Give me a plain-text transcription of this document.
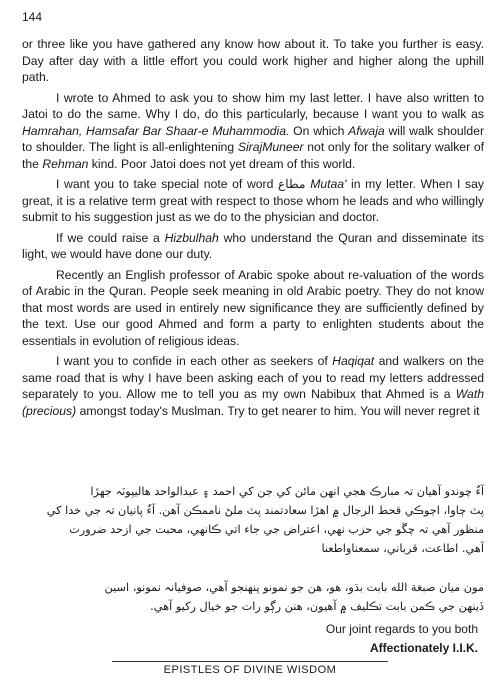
144

or three like you have gathered any know how about it. To take you further is easy. Day after day with a little effort you could work higher and higher along the uphill path.

I wrote to Ahmed to ask you to show him my last letter. I have also written to Jatoi to do the same. Why I do, do this particularly, because I want you to walk as Hamrahan, Hamsafar Bar Shaar-e Muhammodia. On which Afwaja will walk shoulder to shoulder. The light is all-enlightening SirajMuneer not only for the solitary walker of the Rehman kind. Poor Jatoi does not yet dream of this world.

I want you to take special note of word مطاع Mutaa' in my letter. When I say great, it is a relative term great with respect to those whom he leads and who willingly submit to his suggestion just as we do to the physician and doctor.

If we could raise a Hizbulhah who understand the Quran and disseminate its light, we would have done our duty.

Recently an English professor of Arabic spoke about re-valuation of the words of Arabic in the Quran. People seek meaning in old Arabic poetry. They do not know that most words are used in entirely new significance they are sufficiently defined by the text. Use our good Ahmed and form a party to enlighten students about the essentials in evolution of religious ideas.

I want you to confide in each other as seekers of Haqiqat and walkers on the same road that is why I have been asking each of you to read my letters addressed separately to you. Allow me to tell you as my own Nabibux that Ahmed is a Wath (precious) amongst today's Muslman. Try to get nearer to him. You will never regret it

آءٌ چوندو آهيان تہ مبارڪ هجي انهن مائن کي جن کي احمد ۽ عبدالواحد هاليپوٽہ جهڙا

پٽ ڄاوا، اڄوڪي قحط الرجال ۾ اهڙا سعادتمند پٽ ملڻ ناممڪن آهن. آءٌ پانيان تہ جي خدا کي

منظور آهي تہ چڱو جي حزب نهي، اعتراض جي جاء اتي ڪانهي، محبت جي ازحد ضرورت

آهي. اطاعت، قرباني، سمعناواطعنا

مون ميان صبغة الله بابت بڌو، هو، هن جو نمونو پنهنجو آهي، صوفيانہ نمونو، اسين

ڏينهن جي ڪمن بابت تڪليف ۾ آهيون، هنن رڳو رات جو خيال رکيو آهي.

Our joint regards to you both
Affectionately I.I.K.
EPISTLES OF DIVINE WISDOM
